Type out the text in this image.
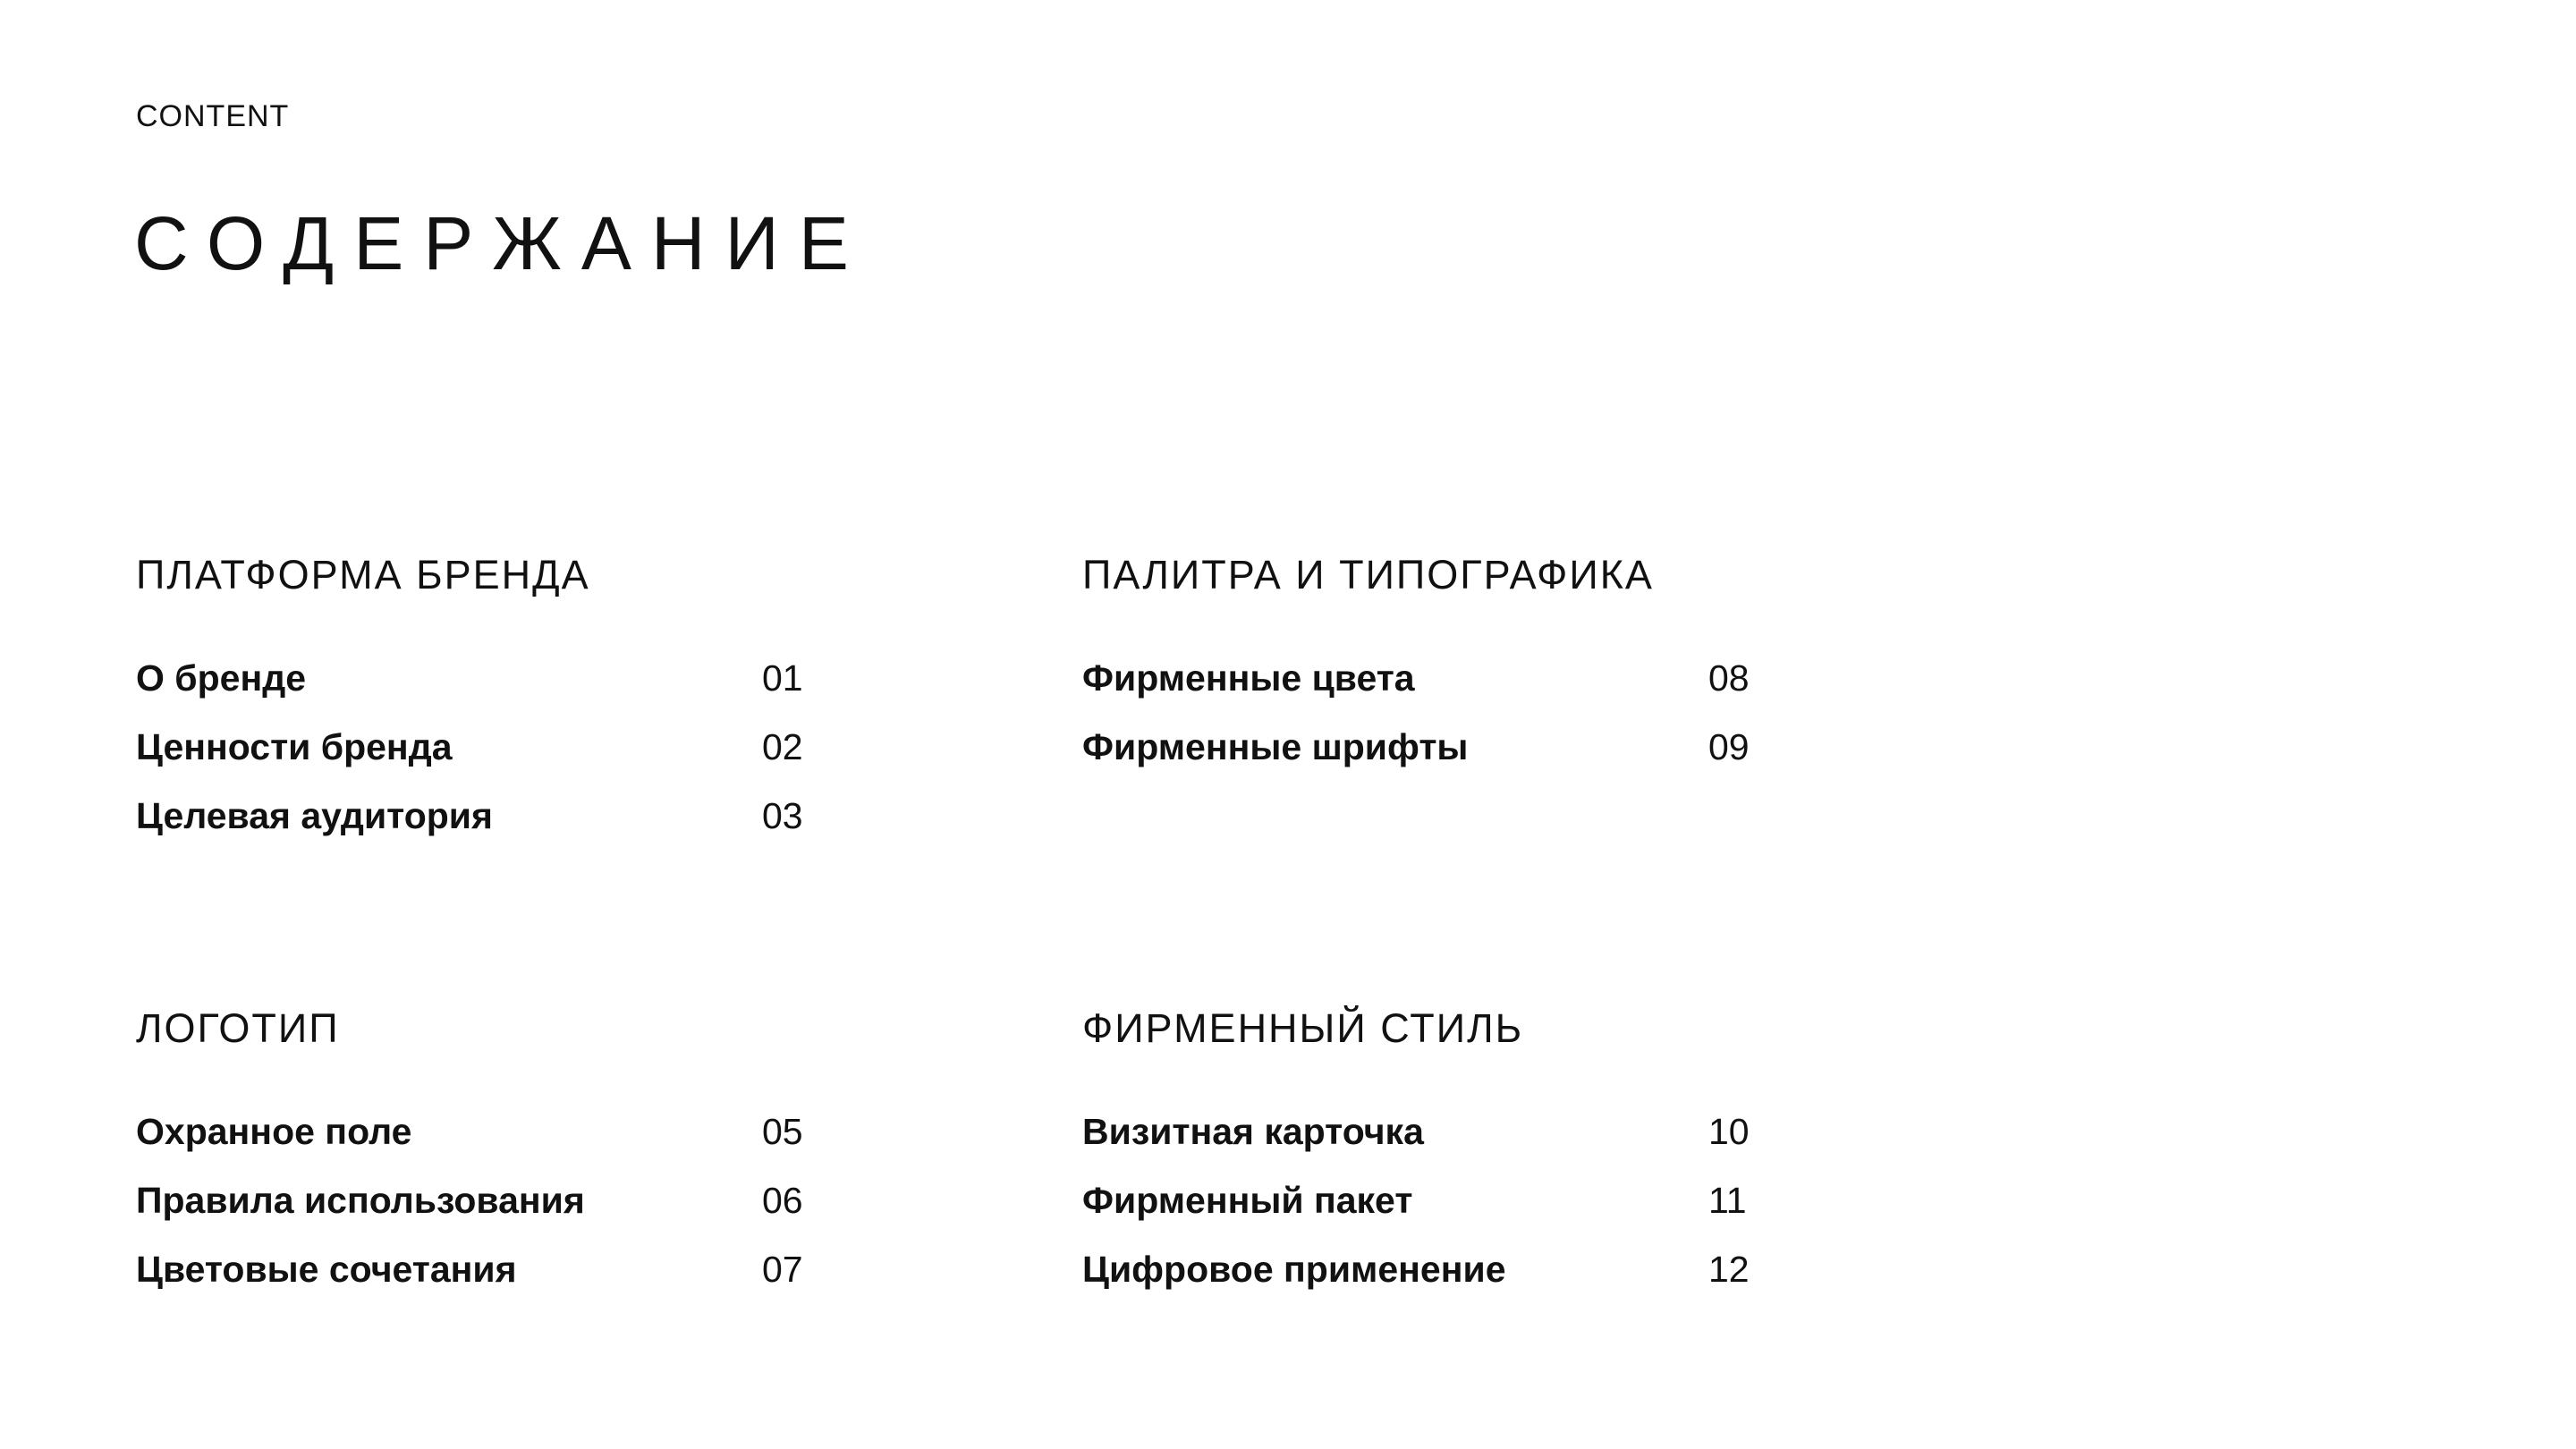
CONTENT
СОДЕРЖАНИЕ
ПЛАТФОРМА БРЕНДА
О бренде	01
Ценности бренда	02
Целевая аудитория	03
ПАЛИТРА И ТИПОГРАФИКА
Фирменные цвета	08
Фирменные шрифты	09
ЛОГОТИП
Охранное поле	05
Правила использования	06
Цветовые сочетания	07
ФИРМЕННЫЙ СТИЛЬ
Визитная карточка	10
Фирменный пакет	11
Цифровое применение	12
